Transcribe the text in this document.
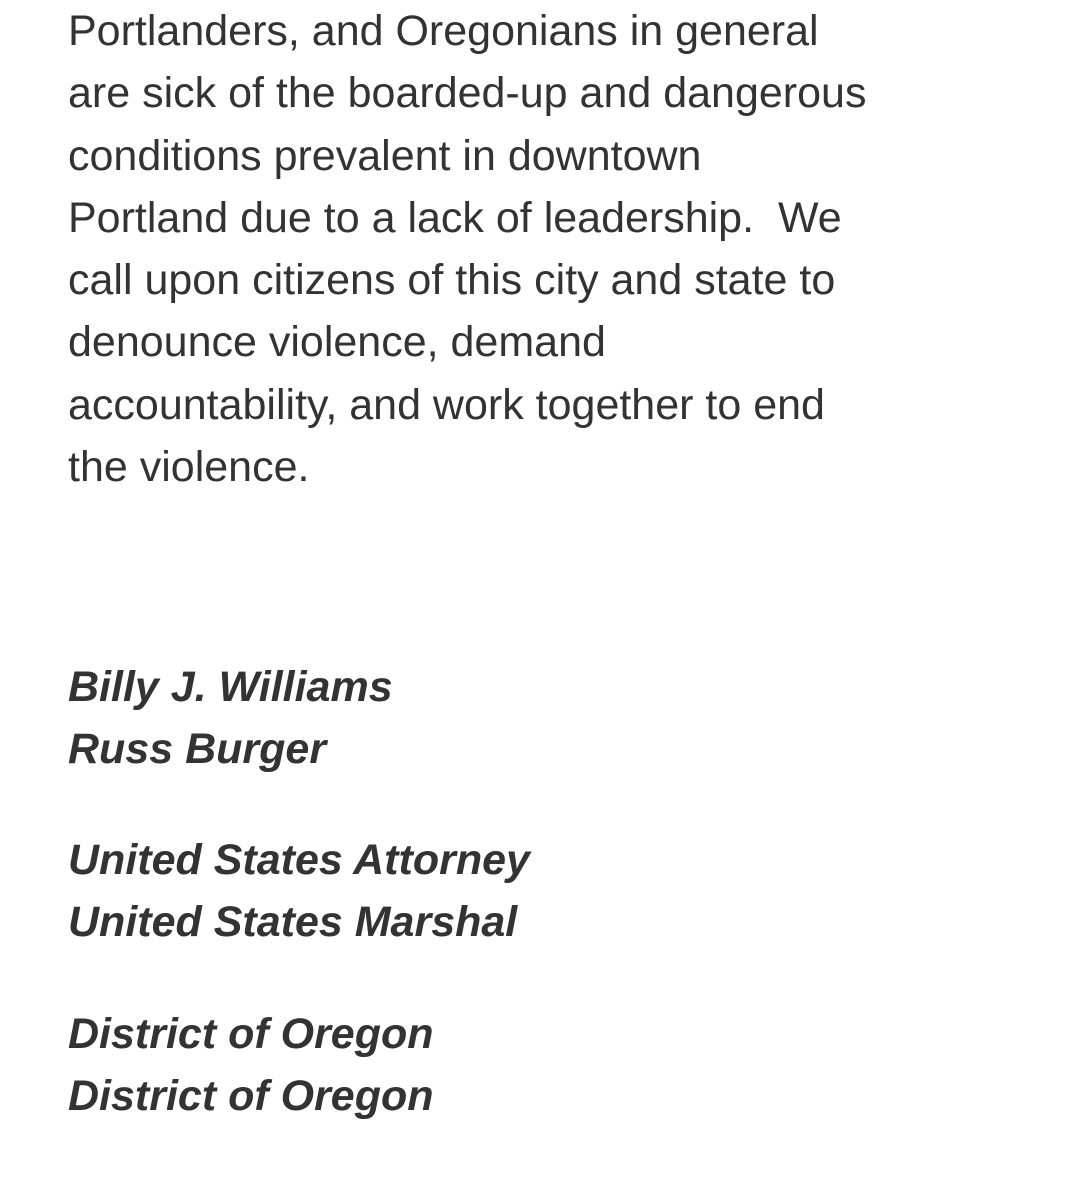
Portlanders, and Oregonians in general
are sick of the boarded-up and dangerous
conditions prevalent in downtown
Portland due to a lack of leadership.  We
call upon citizens of this city and state to
denounce violence, demand
accountability, and work together to end
the violence.

Billy J. Williams
Russ Burger
United States Attorney
United States Marshal
District of Oregon
District of Oregon
